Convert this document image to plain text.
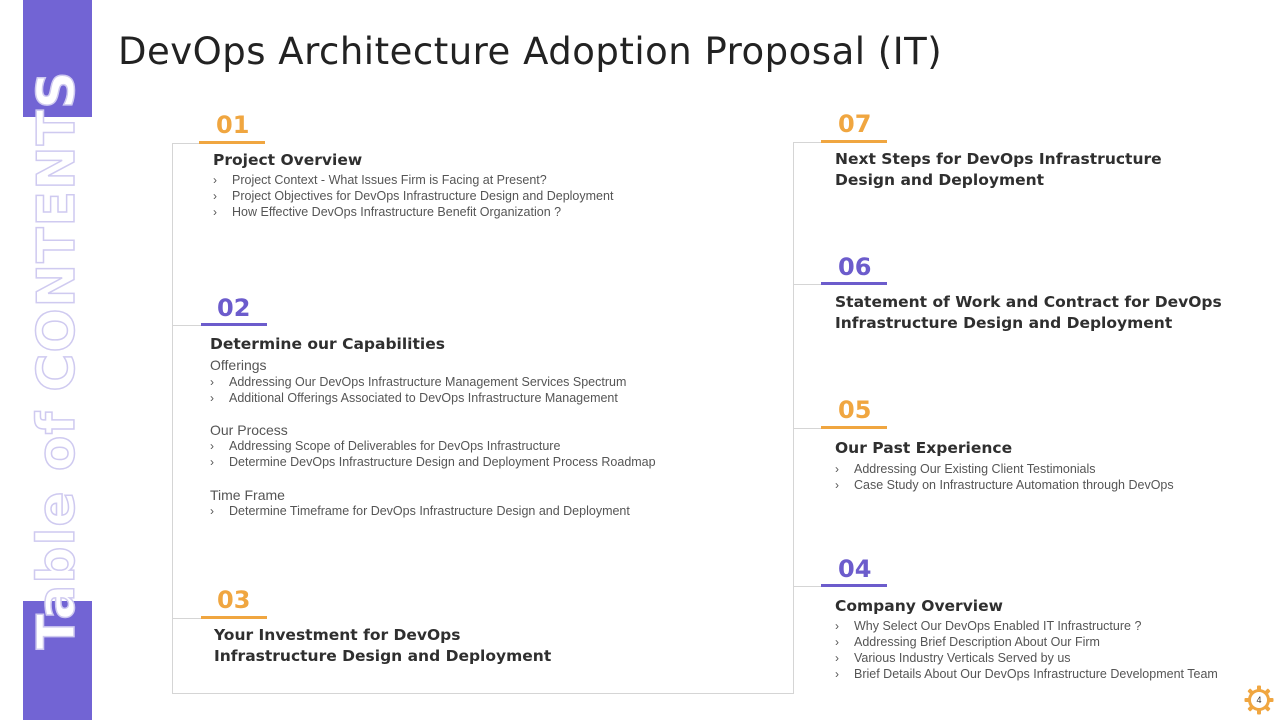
Table of CONTENTS
DevOps Architecture Adoption Proposal (IT)
01
Project Overview
› Project Context - What Issues Firm is Facing at Present?
› Project Objectives for DevOps Infrastructure Design and Deployment
› How Effective DevOps Infrastructure Benefit Organization ?
02
Determine our Capabilities
Offerings
› Addressing Our DevOps Infrastructure Management Services Spectrum
› Additional Offerings Associated to DevOps Infrastructure Management
Our Process
› Addressing Scope of Deliverables for DevOps Infrastructure
› Determine DevOps Infrastructure Design and Deployment Process Roadmap
Time Frame
› Determine Timeframe for DevOps Infrastructure Design and Deployment
03
Your Investment for DevOps
Infrastructure Design and Deployment
07
Next Steps for DevOps Infrastructure
Design and Deployment
06
Statement of Work and Contract for DevOps
Infrastructure Design and Deployment
05
Our Past Experience
› Addressing Our Existing Client Testimonials
› Case Study on Infrastructure Automation through DevOps
04
Company Overview
› Why Select Our DevOps Enabled IT Infrastructure ?
› Addressing Brief Description About Our Firm
› Various Industry Verticals Served by us
› Brief Details About Our DevOps Infrastructure Development Team
4
